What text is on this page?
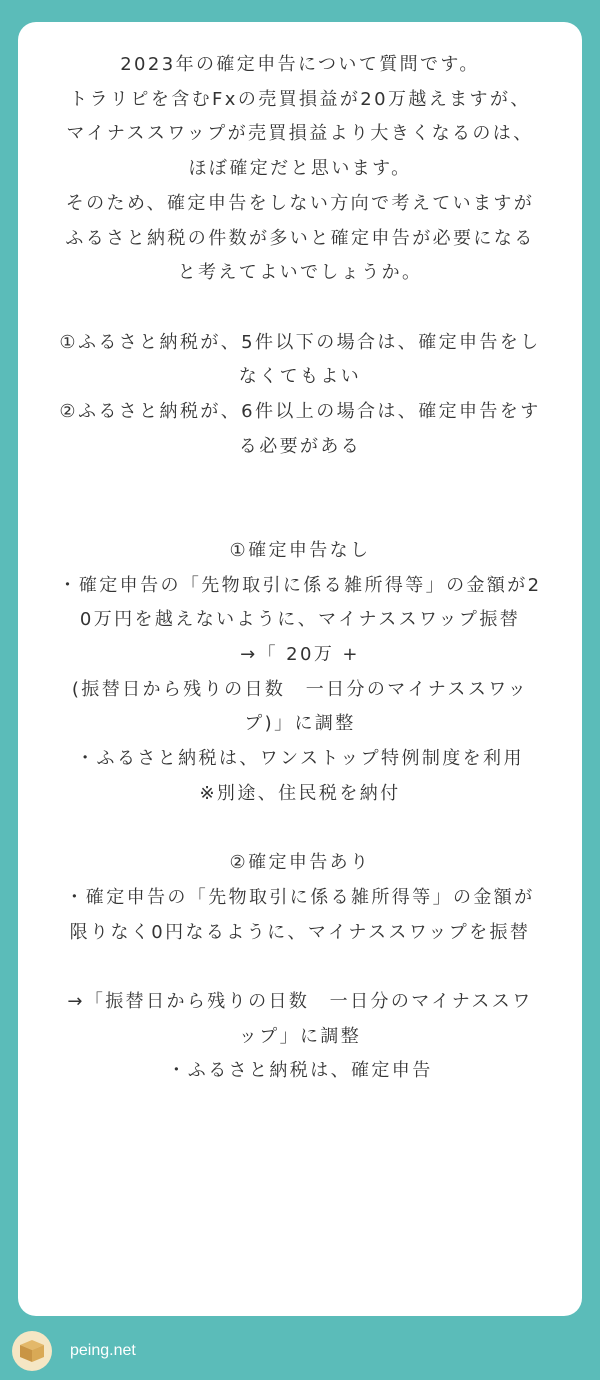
2023年の確定申告について質問です。
トラリピを含むFxの売買損益が20万越えますが、
マイナススワップが売買損益より大きくなるのは、ほぼ確定だと思います。
そのため、確定申告をしない方向で考えていますが
ふるさと納税の件数が多いと確定申告が必要になると考えてよいでしょうか。

①ふるさと納税が、5件以下の場合は、確定申告をしなくてもよい
②ふるさと納税が、6件以上の場合は、確定申告をする必要がある

①確定申告なし
・確定申告の「先物取引に係る雑所得等」の金額が20万円を越えないように、マイナススワップ振替
→「 20万 +
(振替日から残りの日数　一日分のマイナススワップ)」に調整
・ふるさと納税は、ワンストップ特例制度を利用
※別途、住民税を納付

②確定申告あり
・確定申告の「先物取引に係る雑所得等」の金額が限りなく0円なるように、マイナススワップを振替

→「振替日から残りの日数　一日分のマイナススワップ」に調整
・ふるさと納税は、確定申告

peing.net
